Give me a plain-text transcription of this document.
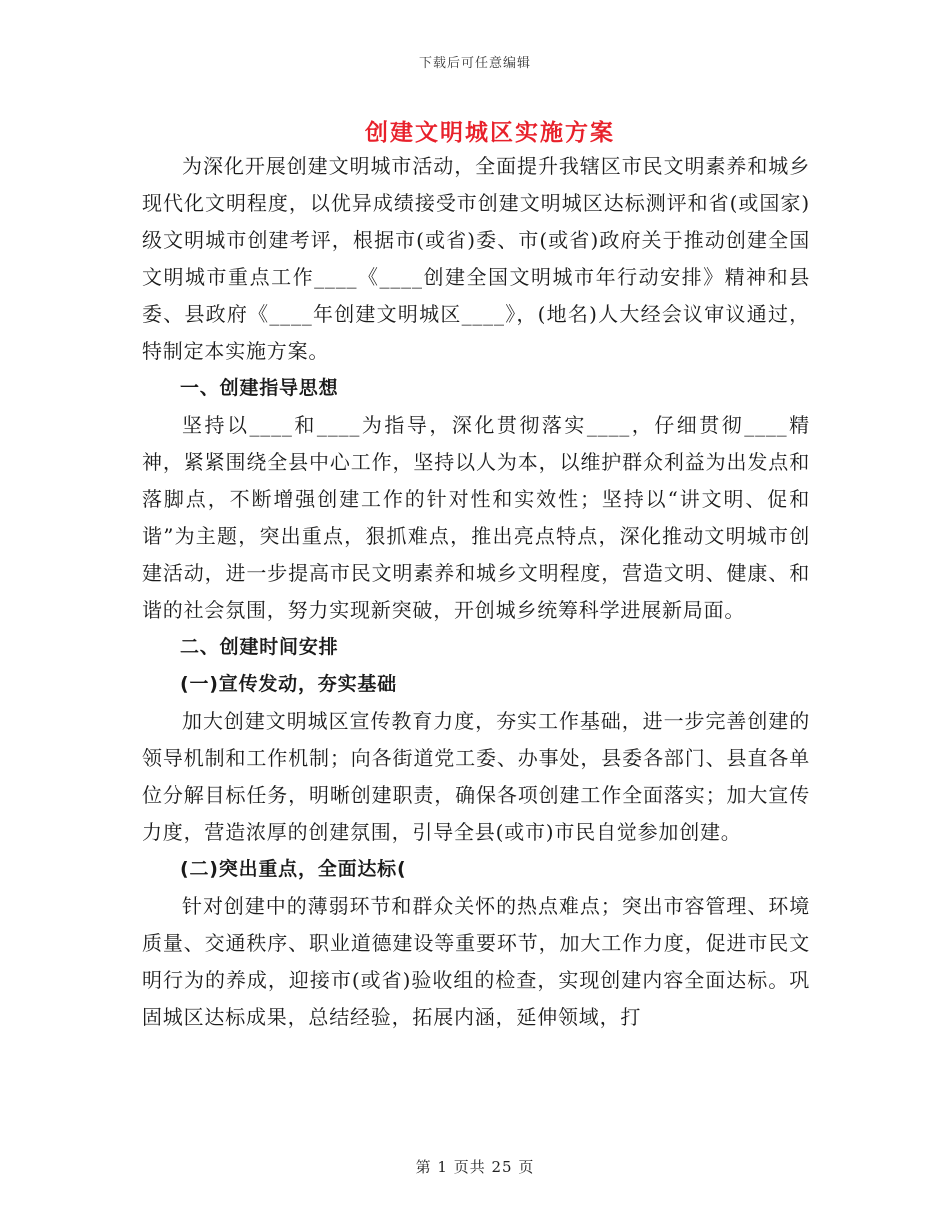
下载后可任意编辑
创建文明城区实施方案

为深化开展创建文明城市活动，全面提升我辖区市民文明素养和城乡现代化文明程度，以优异成绩接受市创建文明城区达标测评和省(或国家)级文明城市创建考评，根据市(或省)委、市(或省)政府关于推动创建全国文明城市重点工作____《____创建全国文明城市年行动安排》精神和县委、县政府《____年创建文明城区____》，(地名)人大经会议审议通过，特制定本实施方案。

一、创建指导思想

坚持以____和____为指导，深化贯彻落实____，仔细贯彻____精神，紧紧围绕全县中心工作，坚持以人为本，以维护群众利益为出发点和落脚点，不断增强创建工作的针对性和实效性；坚持以“讲文明、促和谐”为主题，突出重点，狠抓难点，推出亮点特点，深化推动文明城市创建活动，进一步提高市民文明素养和城乡文明程度，营造文明、健康、和谐的社会氛围，努力实现新突破，开创城乡统筹科学进展新局面。

二、创建时间安排

(一)宣传发动，夯实基础

加大创建文明城区宣传教育力度，夯实工作基础，进一步完善创建的领导机制和工作机制；向各街道党工委、办事处，县委各部门、县直各单位分解目标任务，明晰创建职责，确保各项创建工作全面落实；加大宣传力度，营造浓厚的创建氛围，引导全县(或市)市民自觉参加创建。

(二)突出重点，全面达标(

针对创建中的薄弱环节和群众关怀的热点难点；突出市容管理、环境质量、交通秩序、职业道德建设等重要环节，加大工作力度，促进市民文明行为的养成，迎接市(或省)验收组的检查，实现创建内容全面达标。巩固城区达标成果，总结经验，拓展内涵，延伸领域，打

第 1 页共 25 页
